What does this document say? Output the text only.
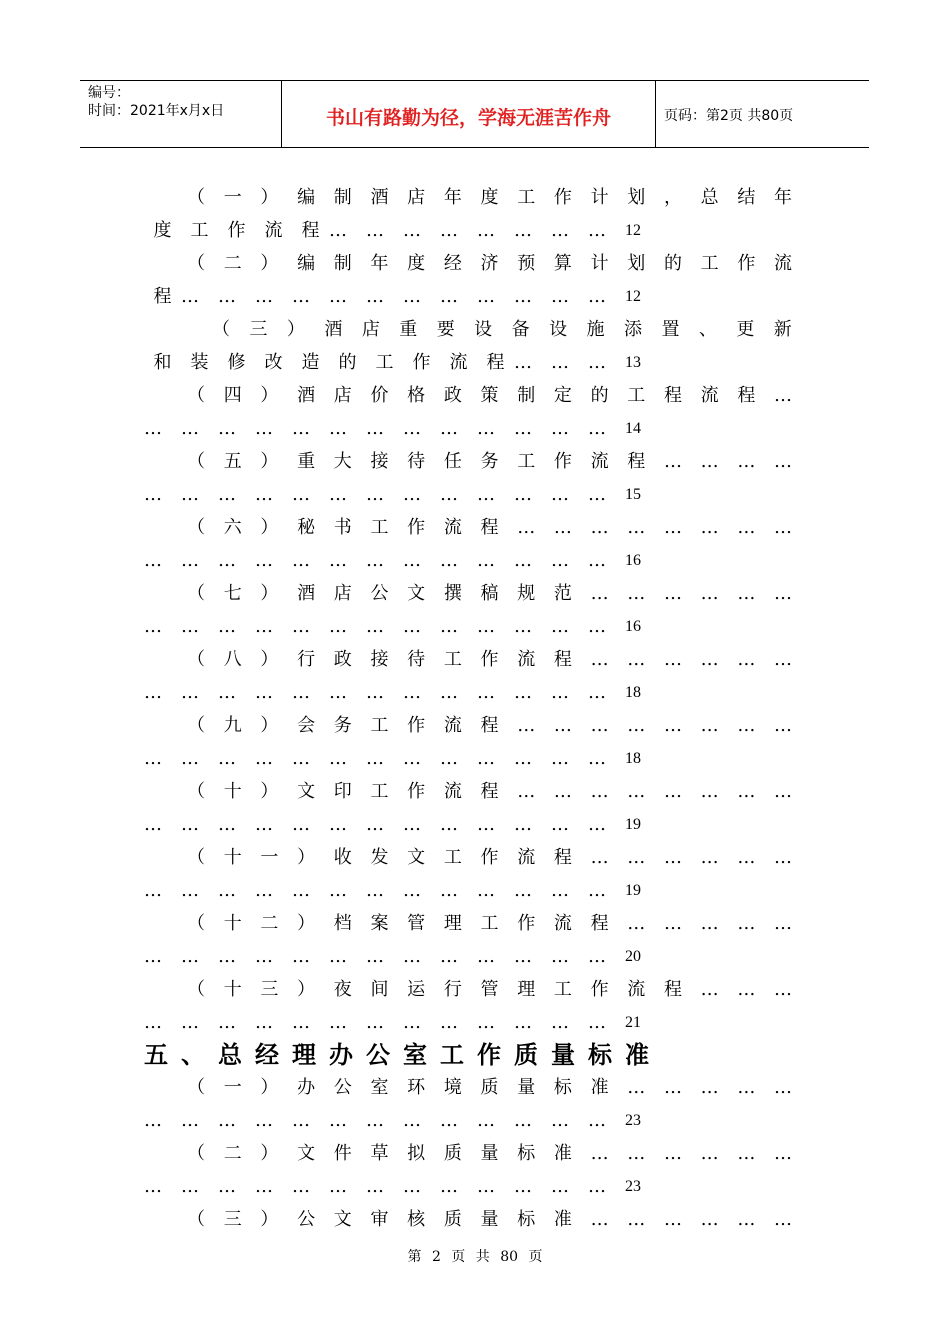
编号：
时间：2021年x月x日	书山有路勤为径，学海无涯苦作舟	页码：第2页 共80页
（ 一 ） 编 制 酒 店 年 度 工 作 计 划 ， 总 结 年
度	工	作	流	程 …	…	…	…	…	…	…	…	12
（ 二 ） 编 制 年 度 经 济 预 算 计 划 的 工 作 流
程 …	…	…	…	…	…	…	…	…	…	…	…	12
（ 三 ） 酒 店 重 要 设 备 设 施 添 置 、 更 新
和	装	修	改	造	的	工	作	流	程 …	…	…	13
（ 四 ） 酒 店 价 格 政 策 制 定 的 工 程 流 程 …
…	…	…	…	…	…	…	…	…	…	…	…	…	14
（ 五 ） 重 大 接 待 任 务 工 作 流 程 … … … …
…	…	…	…	…	…	…	…	…	…	…	…	…	15
（ 六 ） 秘 书 工 作 流 程 … … … … … … … …
…	…	…	…	…	…	…	…	…	…	…	…	…	16
（ 七 ） 酒 店 公 文 撰 稿 规 范 … … … … … …
…	…	…	…	…	…	…	…	…	…	…	…	…	16
（ 八 ） 行 政 接 待 工 作 流 程 … … … … … …
…	…	…	…	…	…	…	…	…	…	…	…	…	18
（ 九 ） 会 务 工 作 流 程 … … … … … … … …
…	…	…	…	…	…	…	…	…	…	…	…	…	18
（ 十 ） 文 印 工 作 流 程 … … … … … … … …
…	…	…	…	…	…	…	…	…	…	…	…	…	19
（ 十 一 ） 收 发 文 工 作 流 程 … … … … … …
…	…	…	…	…	…	…	…	…	…	…	…	…	19
（ 十 二 ） 档 案 管 理 工 作 流 程 … … … … …
…	…	…	…	…	…	…	…	…	…	…	…	…	20
（ 十 三 ） 夜 间 运 行 管 理 工 作 流 程 … … …
…	…	…	…	…	…	…	…	…	…	…	…	…	21
五 、 总 经 理 办 公 室 工 作 质 量 标 准
（ 一 ） 办 公 室 环 境 质 量 标 准 … … … … …
…	…	…	…	…	…	…	…	…	…	…	…	…	23
（ 二 ） 文 件 草 拟 质 量 标 准 … … … … … …
…	…	…	…	…	…	…	…	…	…	…	…	…	23
（ 三 ） 公 文 审 核 质 量 标 准 … … … … … …
第 2 页 共 80 页
